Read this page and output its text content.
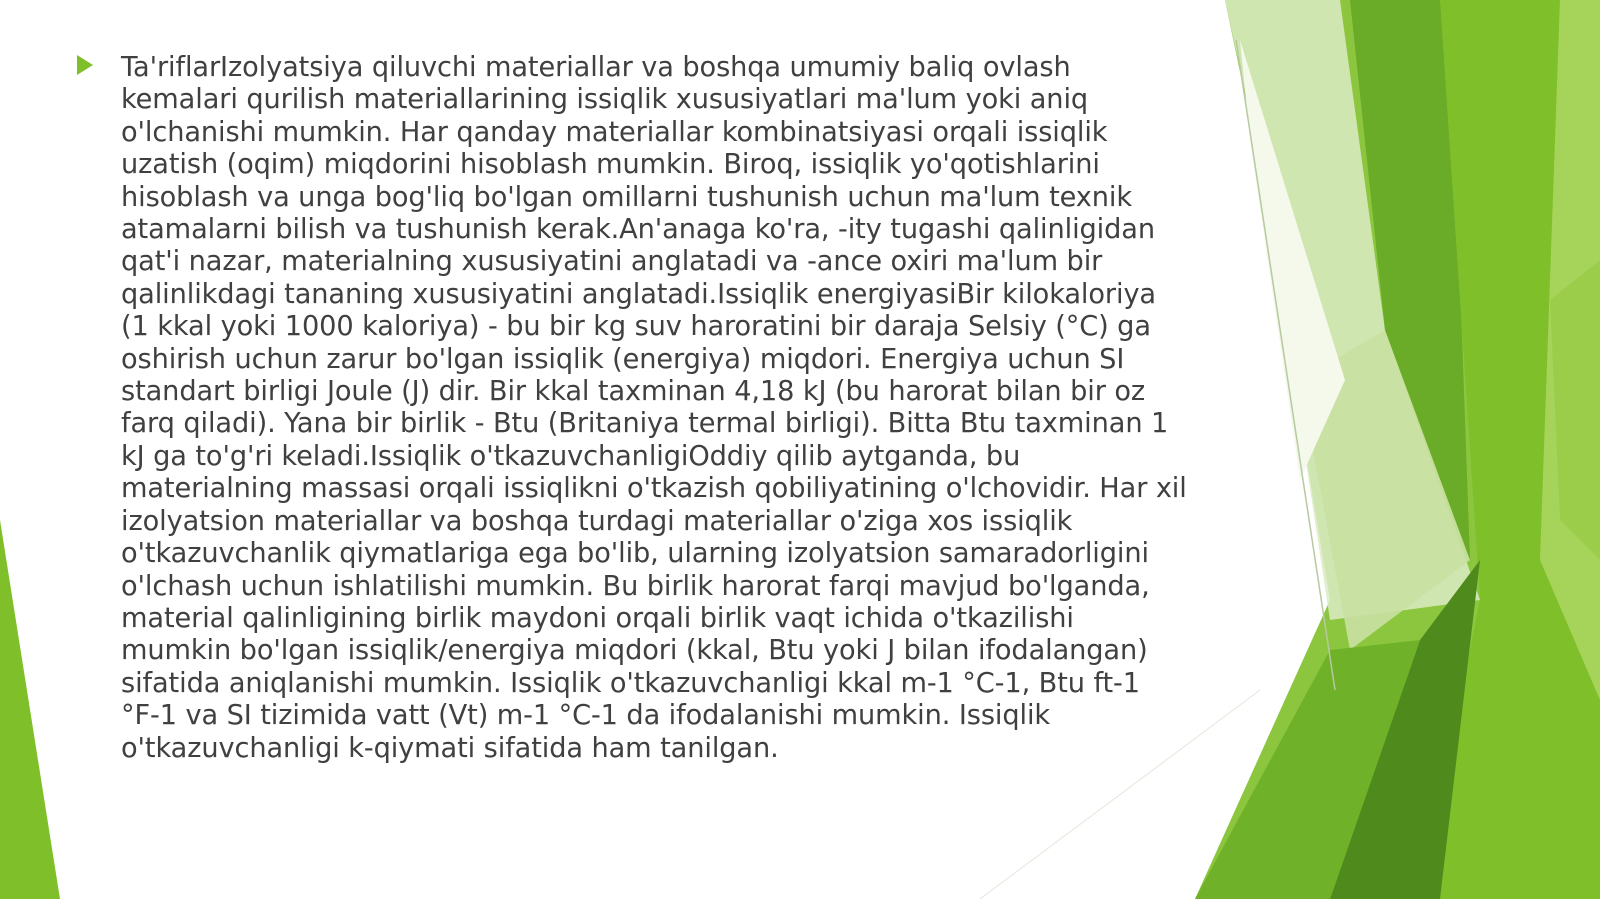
Ta'riflarIzolyatsiya qiluvchi materiallar va boshqa umumiy baliq ovlash
kemalari qurilish materiallarining issiqlik xususiyatlari ma'lum yoki aniq
o'lchanishi mumkin. Har qanday materiallar kombinatsiyasi orqali issiqlik
uzatish (oqim) miqdorini hisoblash mumkin. Biroq, issiqlik yo'qotishlarini
hisoblash va unga bog'liq bo'lgan omillarni tushunish uchun ma'lum texnik
atamalarni bilish va tushunish kerak.An'anaga ko'ra, -ity tugashi qalinligidan
qat'i nazar, materialning xususiyatini anglatadi va -ance oxiri ma'lum bir
qalinlikdagi tananing xususiyatini anglatadi.Issiqlik energiyasiBir kilokaloriya
(1 kkal yoki 1000 kaloriya) - bu bir kg suv haroratini bir daraja Selsiy (°C) ga
oshirish uchun zarur bo'lgan issiqlik (energiya) miqdori. Energiya uchun SI
standart birligi Joule (J) dir. Bir kkal taxminan 4,18 kJ (bu harorat bilan bir oz
farq qiladi). Yana bir birlik - Btu (Britaniya termal birligi). Bitta Btu taxminan 1
kJ ga to'g'ri keladi.Issiqlik o'tkazuvchanligiOddiy qilib aytganda, bu
materialning massasi orqali issiqlikni o'tkazish qobiliyatining o'lchovidir. Har xil
izolyatsion materiallar va boshqa turdagi materiallar o'ziga xos issiqlik
o'tkazuvchanlik qiymatlariga ega bo'lib, ularning izolyatsion samaradorligini
o'lchash uchun ishlatilishi mumkin. Bu birlik harorat farqi mavjud bo'lganda,
material qalinligining birlik maydoni orqali birlik vaqt ichida o'tkazilishi
mumkin bo'lgan issiqlik/energiya miqdori (kkal, Btu yoki J bilan ifodalangan)
sifatida aniqlanishi mumkin. Issiqlik o'tkazuvchanligi kkal m-1 °C-1, Btu ft-1
°F-1 va SI tizimida vatt (Vt) m-1 °C-1 da ifodalanishi mumkin. Issiqlik
o'tkazuvchanligi k-qiymati sifatida ham tanilgan.
